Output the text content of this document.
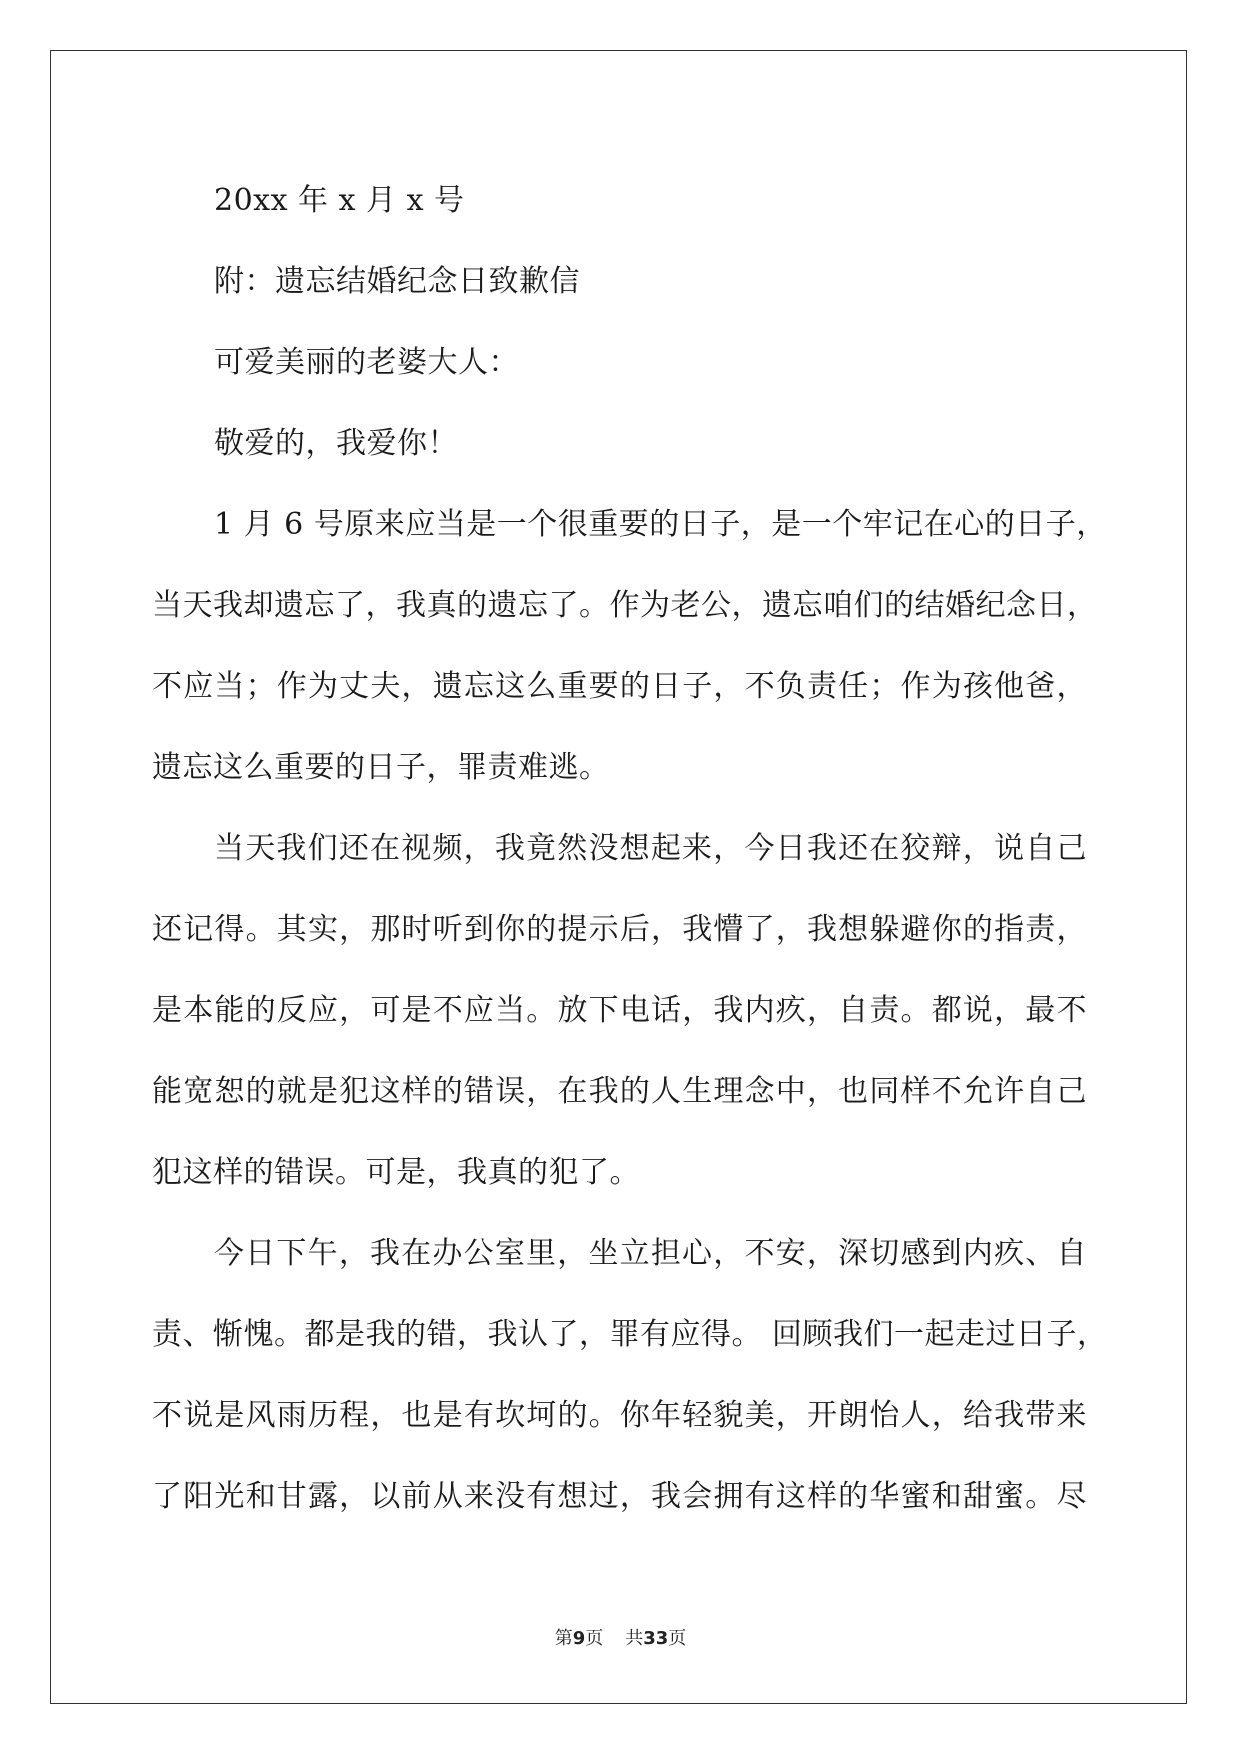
20xx 年 x 月 x 号
附：遗忘结婚纪念日致歉信
可爱美丽的老婆大人：
敬爱的，我爱你！
1 月 6 号原来应当是一个很重要的日子，是一个牢记在心的日子，
当天我却遗忘了，我真的遗忘了。作为老公，遗忘咱们的结婚纪念日，
不应当；作为丈夫，遗忘这么重要的日子，不负责任；作为孩他爸，
遗忘这么重要的日子，罪责难逃。
当天我们还在视频，我竟然没想起来，今日我还在狡辩，说自己
还记得。其实，那时听到你的提示后，我懵了，我想躲避你的指责，
是本能的反应，可是不应当。放下电话，我内疚，自责。都说，最不
能宽恕的就是犯这样的错误，在我的人生理念中，也同样不允许自己
犯这样的错误。可是，我真的犯了。
今日下午，我在办公室里，坐立担心，不安，深切感到内疚、自
责、惭愧。都是我的错，我认了，罪有应得。 回顾我们一起走过日子，
不说是风雨历程，也是有坎坷的。你年轻貌美，开朗怡人，给我带来
了阳光和甘露，以前从来没有想过，我会拥有这样的华蜜和甜蜜。尽
第9页 共33页
